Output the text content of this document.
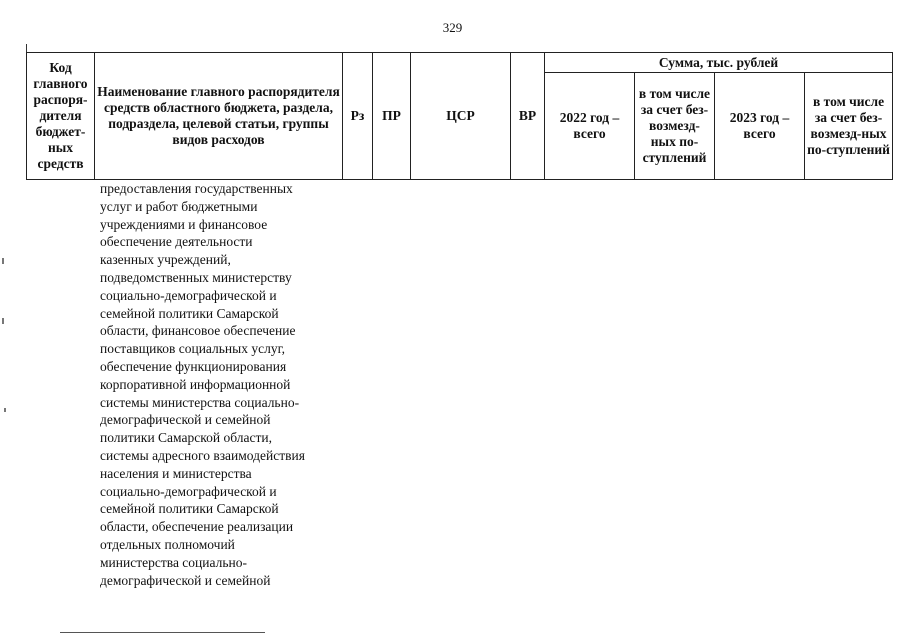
329
Код главного распоря-дителя бюджет-ных средств	Наименование главного распорядителя средств областного бюджета, раздела, подраздела, целевой статьи, группы видов расходов	Рз	ПР	ЦСР	ВР	Сумма, тыс. рублей			
						2022 год – всего	в том числе за счет без-возмезд-ных по-ступлений	2023 год – всего	в том числе за счет без-возмезд-ных по-ступлений
предоставления государственных
услуг и работ бюджетными
учреждениями и финансовое
обеспечение деятельности
казенных учреждений,
подведомственных министерству
социально-демографической и
семейной политики Самарской
области, финансовое обеспечение
поставщиков социальных услуг,
обеспечение функционирования
корпоративной информационной
системы министерства социально-
демографической и семейной
политики Самарской области,
системы адресного взаимодействия
населения и министерства
социально-демографической и
семейной политики Самарской
области, обеспечение реализации
отдельных полномочий
министерства социально-
демографической и семейной
